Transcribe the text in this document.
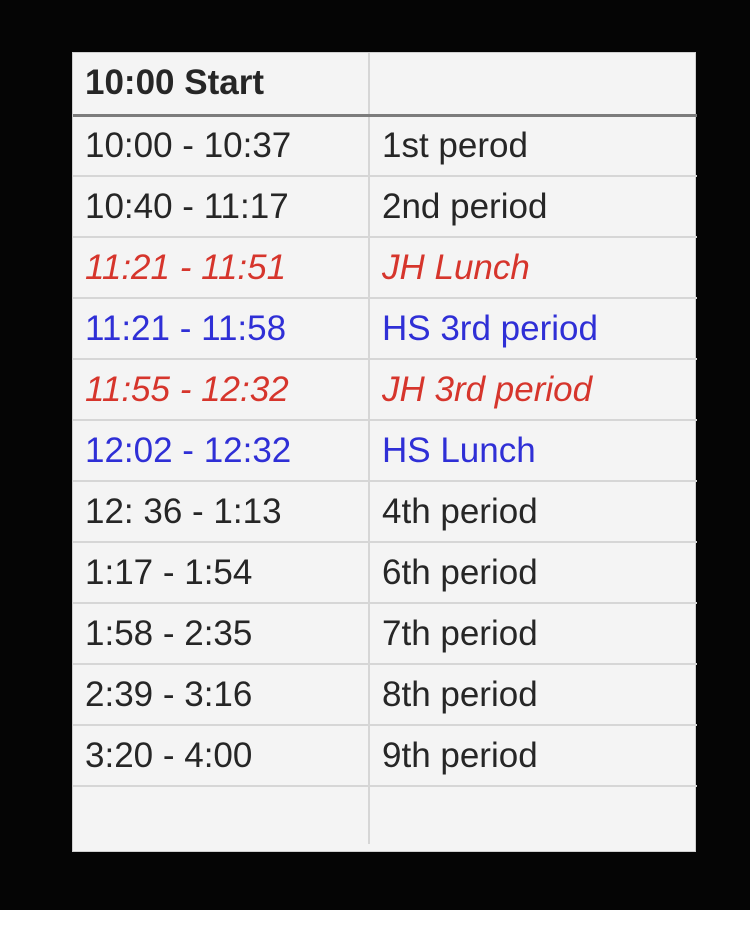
10:00 Start	
10:00 - 10:37	1st perod
10:40 - 11:17	2nd period
11:21 - 11:51	JH Lunch
11:21 - 11:58	HS 3rd period
11:55 - 12:32	JH 3rd period
12:02 - 12:32	HS Lunch
12: 36 - 1:13	4th period
1:17 - 1:54	6th period
1:58 - 2:35	7th period
2:39 - 3:16	8th period
3:20 - 4:00	9th period
